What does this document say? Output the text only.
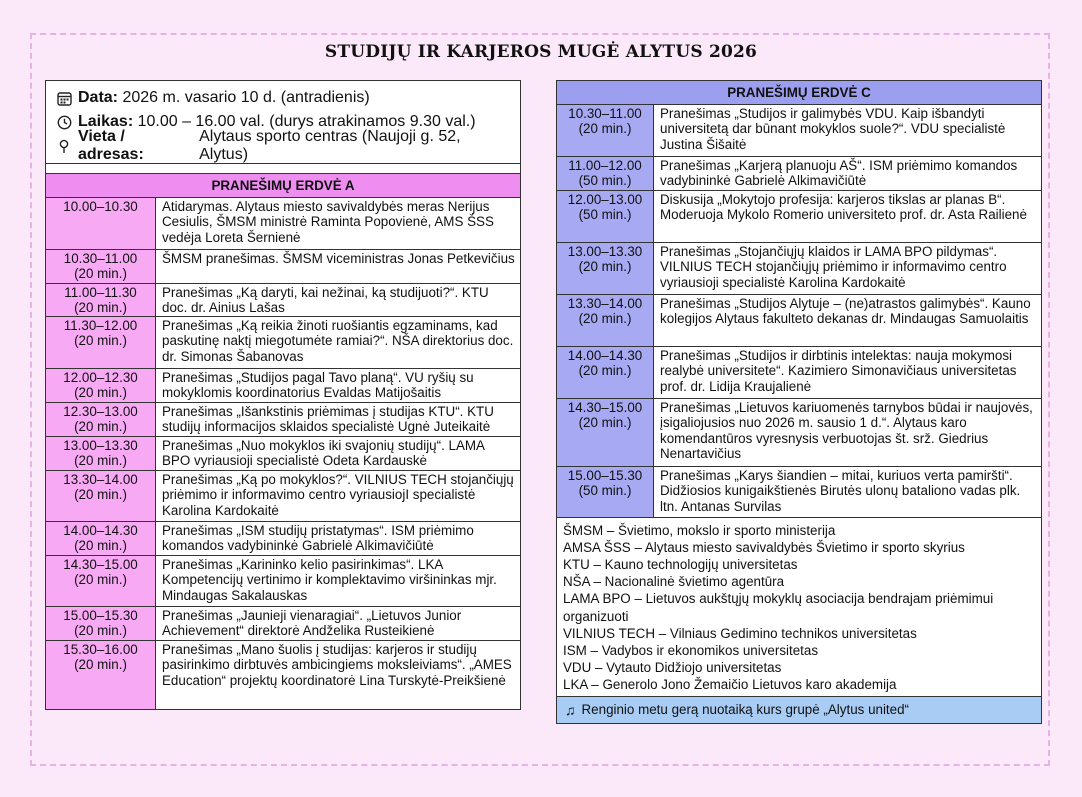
STUDIJŲ IR KARJEROS MUGĖ ALYTUS 2026
Data:
2026 m. vasario 10 d. (antradienis)
Laikas:
10.00 – 16.00 val. (durys atrakinamos 9.30 val.)
Vieta / adresas:

Alytaus sporto centras (Naujoji g. 52, Alytus)
PRANEŠIMŲ ERDVĖ A	

10.00–10.30	Atidarymas. Alytaus miesto savivaldybės meras Nerijus Cesiulis, ŠMSM ministrė Raminta Popovienė, AMS ŠSS vedėja Loreta Šernienė

10.30–11.00
(20 min.)	ŠMSM pranešimas. ŠMSM viceministras Jonas Petkevičius

11.00–11.30
(20 min.)	Pranešimas „Ką daryti, kai nežinai, ką studijuoti?“. KTU doc. dr. Ainius Lašas

11.30–12.00
(20 min.)	Pranešimas „Ką reikia žinoti ruošiantis egzaminams, kad paskutinę naktį miegotumėte ramiai?“. NŠA direktorius doc. dr. Simonas Šabanovas

12.00–12.30
(20 min.)	Pranešimas „Studijos pagal Tavo planą“. VU ryšių su mokyklomis koordinatorius Evaldas Matijošaitis

12.30–13.00
(20 min.)	Pranešimas „Išankstinis priėmimas į studijas KTU“. KTU studijų informacijos sklaidos specialistė Ugnė Juteikaitė

13.00–13.30
(20 min.)	Pranešimas „Nuo mokyklos iki svajonių studijų“. LAMA BPO vyriausioji specialistė Odeta Kardauskė

13.30–14.00
(20 min.)	Pranešimas „Ką po mokyklos?“. VILNIUS TECH stojančiųjų priėmimo ir informavimo centro vyriausiojI specialistė Karolina Kardokaitė

14.00–14.30
(20 min.)	Pranešimas „ISM studijų pristatymas“. ISM priėmimo komandos vadybininkė Gabrielė Alkimavičiūtė

14.30–15.00
(20 min.)	Pranešimas „Karininko kelio pasirinkimas“. LKA Kompetencijų vertinimo ir komplektavimo viršininkas mjr. Mindaugas Sakalauskas

15.00–15.30
(20 min.)	Pranešimas „Jaunieji vienaragiai“. „Lietuvos Junior Achievement“ direktorė Andželika Rusteikienė

15.30–16.00
(20 min.)	Pranešimas „Mano šuolis į studijas: karjeros ir studijų pasirinkimo dirbtuvės ambicingiems moksleiviams“. „AMES Education“ projektų koordinatorė Lina Turskytė-Preikšienė
PRANEŠIMŲ ERDVĖ C	

10.30–11.00
(20 min.)	Pranešimas „Studijos ir galimybės VDU. Kaip išbandyti universitetą dar būnant mokyklos suole?“. VDU specialistė Justina Šišaitė

11.00–12.00
(50 min.)	Pranešimas „Karjerą planuoju AŠ“. ISM priėmimo komandos vadybininkė Gabrielė Alkimavičiūtė

12.00–13.00
(50 min.)	Diskusija „Mokytojo profesija: karjeros tikslas ar planas B“. Moderuoja Mykolo Romerio universiteto prof. dr. Asta Railienė

13.00–13.30
(20 min.)	Pranešimas „Stojančiųjų klaidos ir LAMA BPO pildymas“. VILNIUS TECH stojančiųjų priėmimo ir informavimo centro vyriausioji specialistė Karolina Kardokaitė

13.30–14.00
(20 min.)	Pranešimas „Studijos Alytuje – (ne)atrastos galimybės“. Kauno kolegijos Alytaus fakulteto dekanas dr. Mindaugas Samuolaitis

14.00–14.30
(20 min.)	Pranešimas „Studijos ir dirbtinis intelektas: nauja mokymosi realybė universitete“. Kazimiero Simonavičiaus universitetas prof. dr. Lidija Kraujalienė

14.30–15.00
(20 min.)	Pranešimas „Lietuvos kariuomenės tarnybos būdai ir naujovės, įsigaliojusios nuo 2026 m. sausio 1 d.“. Alytaus karo komendantūros vyresnysis verbuotojas št. srž. Giedrius Nenartavičius

15.00–15.30
(50 min.)	Pranešimas „Karys šiandien – mitai, kuriuos verta pamiršti“. Didžiosios kunigaikštienės Birutės ulonų bataliono vadas plk. ltn. Antanas Survilas
ŠMSM – Švietimo, mokslo ir sporto ministerija
AMSA ŠSS – Alytaus miesto savivaldybės Švietimo ir sporto skyrius
KTU – Kauno technologijų universitetas
NŠA – Nacionalinė švietimo agentūra
LAMA BPO – Lietuvos aukštųjų mokyklų asociacija bendrajam priėmimui organizuoti
VILNIUS TECH – Vilniaus Gedimino technikos universitetas
ISM – Vadybos ir ekonomikos universitetas
VDU – Vytauto Didžiojo universitetas
LKA – Generolo Jono Žemaičio Lietuvos karo akademija
♫ Renginio metu gerą nuotaiką kurs grupė „Alytus united“
